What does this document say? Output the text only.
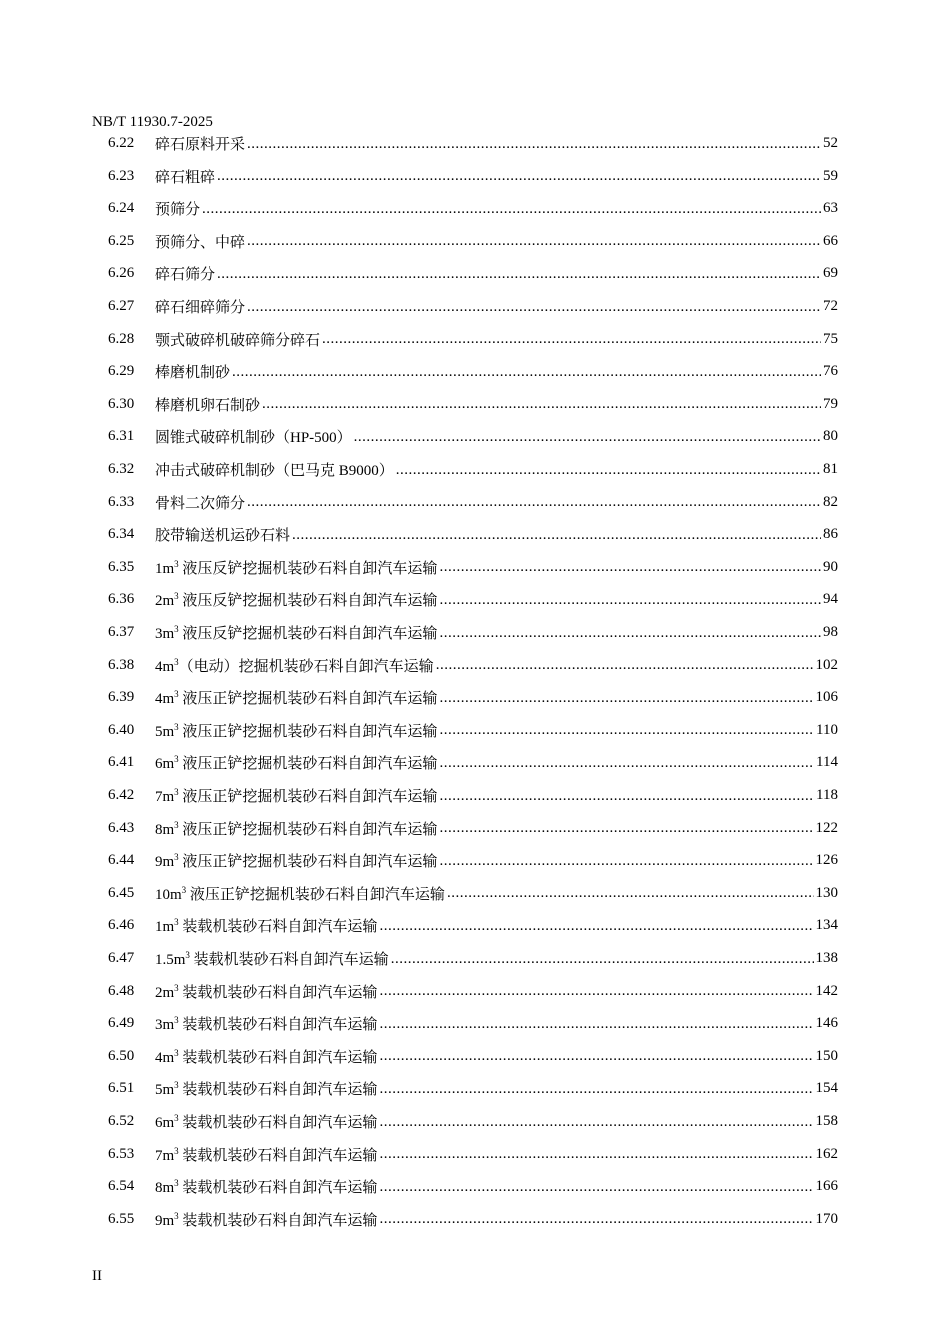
NB/T 11930.7-2025
6.22	碎石原料开采 .....	52
6.23	碎石粗碎 .....	59
6.24	预筛分 .....	63
6.25	预筛分、中碎 .....	66
6.26	碎石筛分 .....	69
6.27	碎石细碎筛分 .....	72
6.28	颚式破碎机破碎筛分碎石 .....	75
6.29	棒磨机制砂 .....	76
6.30	棒磨机卵石制砂 .....	79
6.31	圆锥式破碎机制砂（HP-500） .....	80
6.32	冲击式破碎机制砂（巴马克 B9000） .....	81
6.33	骨料二次筛分 .....	82
6.34	胶带输送机运砂石料 .....	86
6.35	$1m^3$ 液压反铲挖掘机装砂石料自卸汽车运输 .....	90
6.36	$2m^3$ 液压反铲挖掘机装砂石料自卸汽车运输 .....	94
6.37	$3m^3$ 液压反铲挖掘机装砂石料自卸汽车运输 .....	98
6.38	$4m^3$（电动）挖掘机装砂石料自卸汽车运输 .....	102
6.39	$4m^3$ 液压正铲挖掘机装砂石料自卸汽车运输 .....	106
6.40	$5m^3$ 液压正铲挖掘机装砂石料自卸汽车运输 .....	110
6.41	$6m^3$ 液压正铲挖掘机装砂石料自卸汽车运输 .....	114
6.42	$7m^3$ 液压正铲挖掘机装砂石料自卸汽车运输 .....	118
6.43	$8m^3$ 液压正铲挖掘机装砂石料自卸汽车运输 .....	122
6.44	$9m^3$ 液压正铲挖掘机装砂石料自卸汽车运输 .....	126
6.45	$10m^3$ 液压正铲挖掘机装砂石料自卸汽车运输 .....	130
6.46	$1m^3$ 装载机装砂石料自卸汽车运输 .....	134
6.47	$1.5m^3$ 装载机装砂石料自卸汽车运输 .....	138
6.48	$2m^3$ 装载机装砂石料自卸汽车运输 .....	142
6.49	$3m^3$ 装载机装砂石料自卸汽车运输 .....	146
6.50	$4m^3$ 装载机装砂石料自卸汽车运输 .....	150
6.51	$5m^3$ 装载机装砂石料自卸汽车运输 .....	154
6.52	$6m^3$ 装载机装砂石料自卸汽车运输 .....	158
6.53	$7m^3$ 装载机装砂石料自卸汽车运输 .....	162
6.54	$8m^3$ 装载机装砂石料自卸汽车运输 .....	166
6.55	$9m^3$ 装载机装砂石料自卸汽车运输 .....	170
II
